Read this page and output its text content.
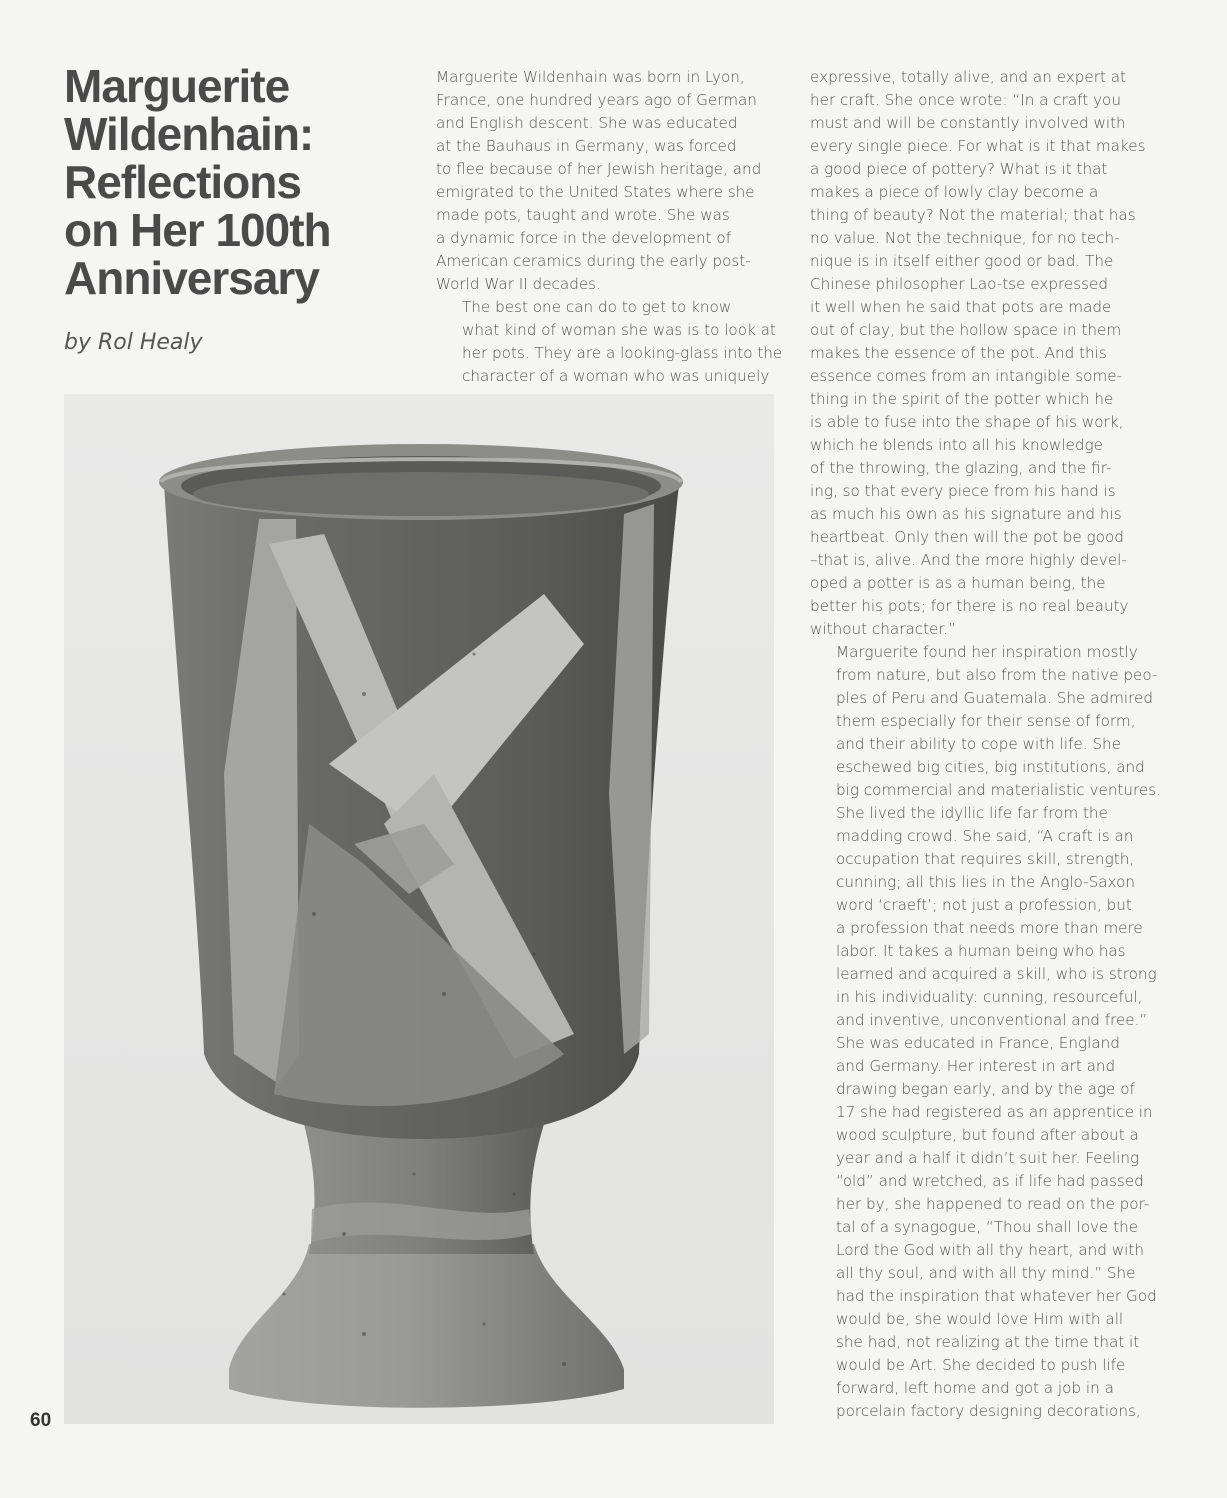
Marguerite
Wildenhain:
Reflections
on Her 100th
Anniversary

by Rol Healy

Marguerite Wildenhain was born in Lyon,
France, one hundred years ago of German
and English descent. She was educated
at the Bauhaus in Germany, was forced
to flee because of her Jewish heritage, and
emigrated to the United States where she
made pots, taught and wrote. She was
a dynamic force in the development of
American ceramics during the early post-
World War II decades.

The best one can do to get to know
what kind of woman she was is to look at
her pots. They are a looking-glass into the
character of a woman who was uniquely

expressive, totally alive, and an expert at
her craft. She once wrote: “In a craft you
must and will be constantly involved with
every single piece. For what is it that makes
a good piece of pottery? What is it that
makes a piece of lowly clay become a
thing of beauty? Not the material; that has
no value. Not the technique, for no tech-
nique is in itself either good or bad. The
Chinese philosopher Lao-tse expressed
it well when he said that pots are made
out of clay, but the hollow space in them
makes the essence of the pot. And this
essence comes from an intangible some-
thing in the spirit of the potter which he
is able to fuse into the shape of his work,
which he blends into all his knowledge
of the throwing, the glazing, and the fir-
ing, so that every piece from his hand is
as much his own as his signature and his
heartbeat. Only then will the pot be good
–that is, alive. And the more highly devel-
oped a potter is as a human being, the
better his pots; for there is no real beauty
without character.”

Marguerite found her inspiration mostly
from nature, but also from the native peo-
ples of Peru and Guatemala. She admired
them especially for their sense of form,
and their ability to cope with life. She
eschewed big cities, big institutions, and
big commercial and materialistic ventures.
She lived the idyllic life far from the
madding crowd. She said, “A craft is an
occupation that requires skill, strength,
cunning; all this lies in the Anglo-Saxon
word ‘craeft’; not just a profession, but
a profession that needs more than mere
labor. It takes a human being who has
learned and acquired a skill, who is strong
in his individuality: cunning, resourceful,
and inventive, unconventional and free.”

She was educated in France, England
and Germany. Her interest in art and
drawing began early, and by the age of
17 she had registered as an apprentice in
wood sculpture, but found after about a
year and a half it didn’t suit her. Feeling
“old” and wretched, as if life had passed
her by, she happened to read on the por-
tal of a synagogue, “Thou shall love the
Lord the God with all thy heart, and with
all thy soul, and with all thy mind.” She
had the inspiration that whatever her God
would be, she would love Him with all
she had, not realizing at the time that it
would be Art. She decided to push life
forward, left home and got a job in a
porcelain factory designing decorations,

60
